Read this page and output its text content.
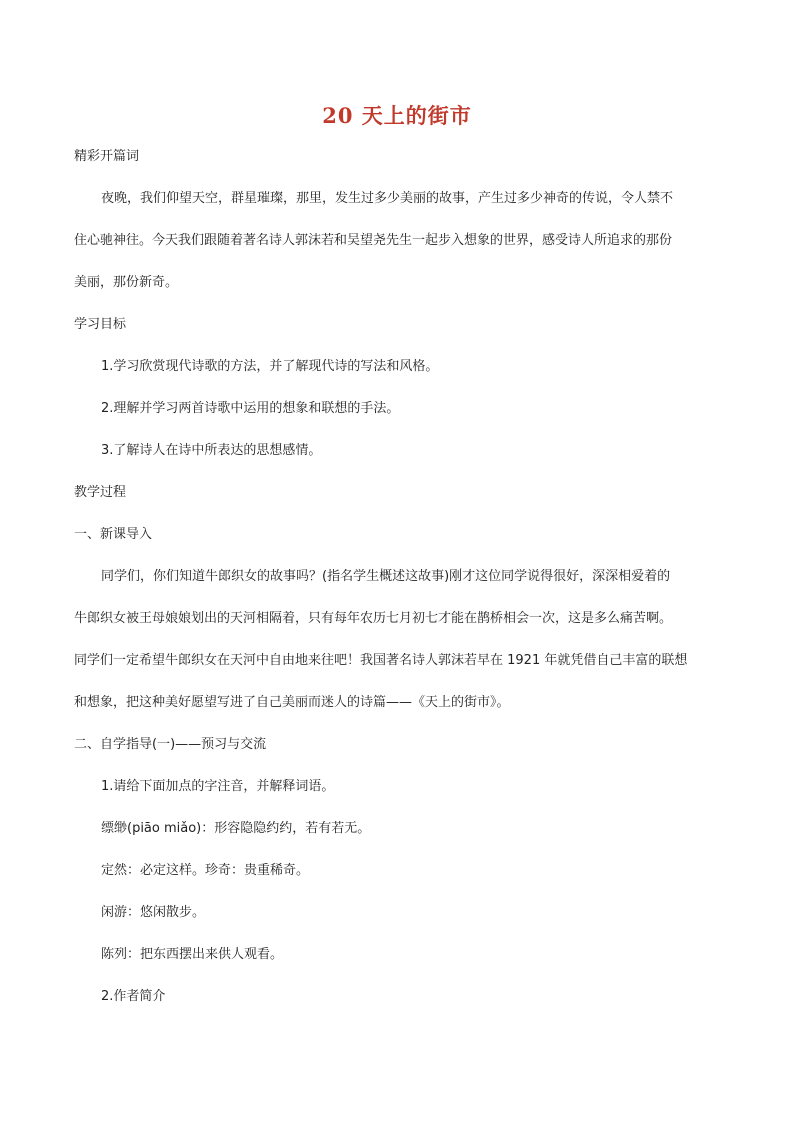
20 天上的街市
精彩开篇词
夜晚，我们仰望天空，群星璀璨，那里，发生过多少美丽的故事，产生过多少神奇的传说，令人禁不
住心驰神往。今天我们跟随着著名诗人郭沫若和吴望尧先生一起步入想象的世界，感受诗人所追求的那份
美丽，那份新奇。
学习目标
1.学习欣赏现代诗歌的方法，并了解现代诗的写法和风格。
2.理解并学习两首诗歌中运用的想象和联想的手法。
3.了解诗人在诗中所表达的思想感情。
教学过程
一、新课导入
同学们，你们知道牛郎织女的故事吗？(指名学生概述这故事)刚才这位同学说得很好，深深相爱着的
牛郎织女被王母娘娘划出的天河相隔着，只有每年农历七月初七才能在鹊桥相会一次，这是多么痛苦啊。
同学们一定希望牛郎织女在天河中自由地来往吧！我国著名诗人郭沫若早在 1921 年就凭借自己丰富的联想
和想象，把这种美好愿望写进了自己美丽而迷人的诗篇——《天上的街市》。
二、自学指导(一)——预习与交流
1.请给下面加点的字注音，并解释词语。
缥缈(piāo miǎo)：形容隐隐约约，若有若无。
定然：必定这样。珍奇：贵重稀奇。
闲游：悠闲散步。
陈列：把东西摆出来供人观看。
2.作者简介
